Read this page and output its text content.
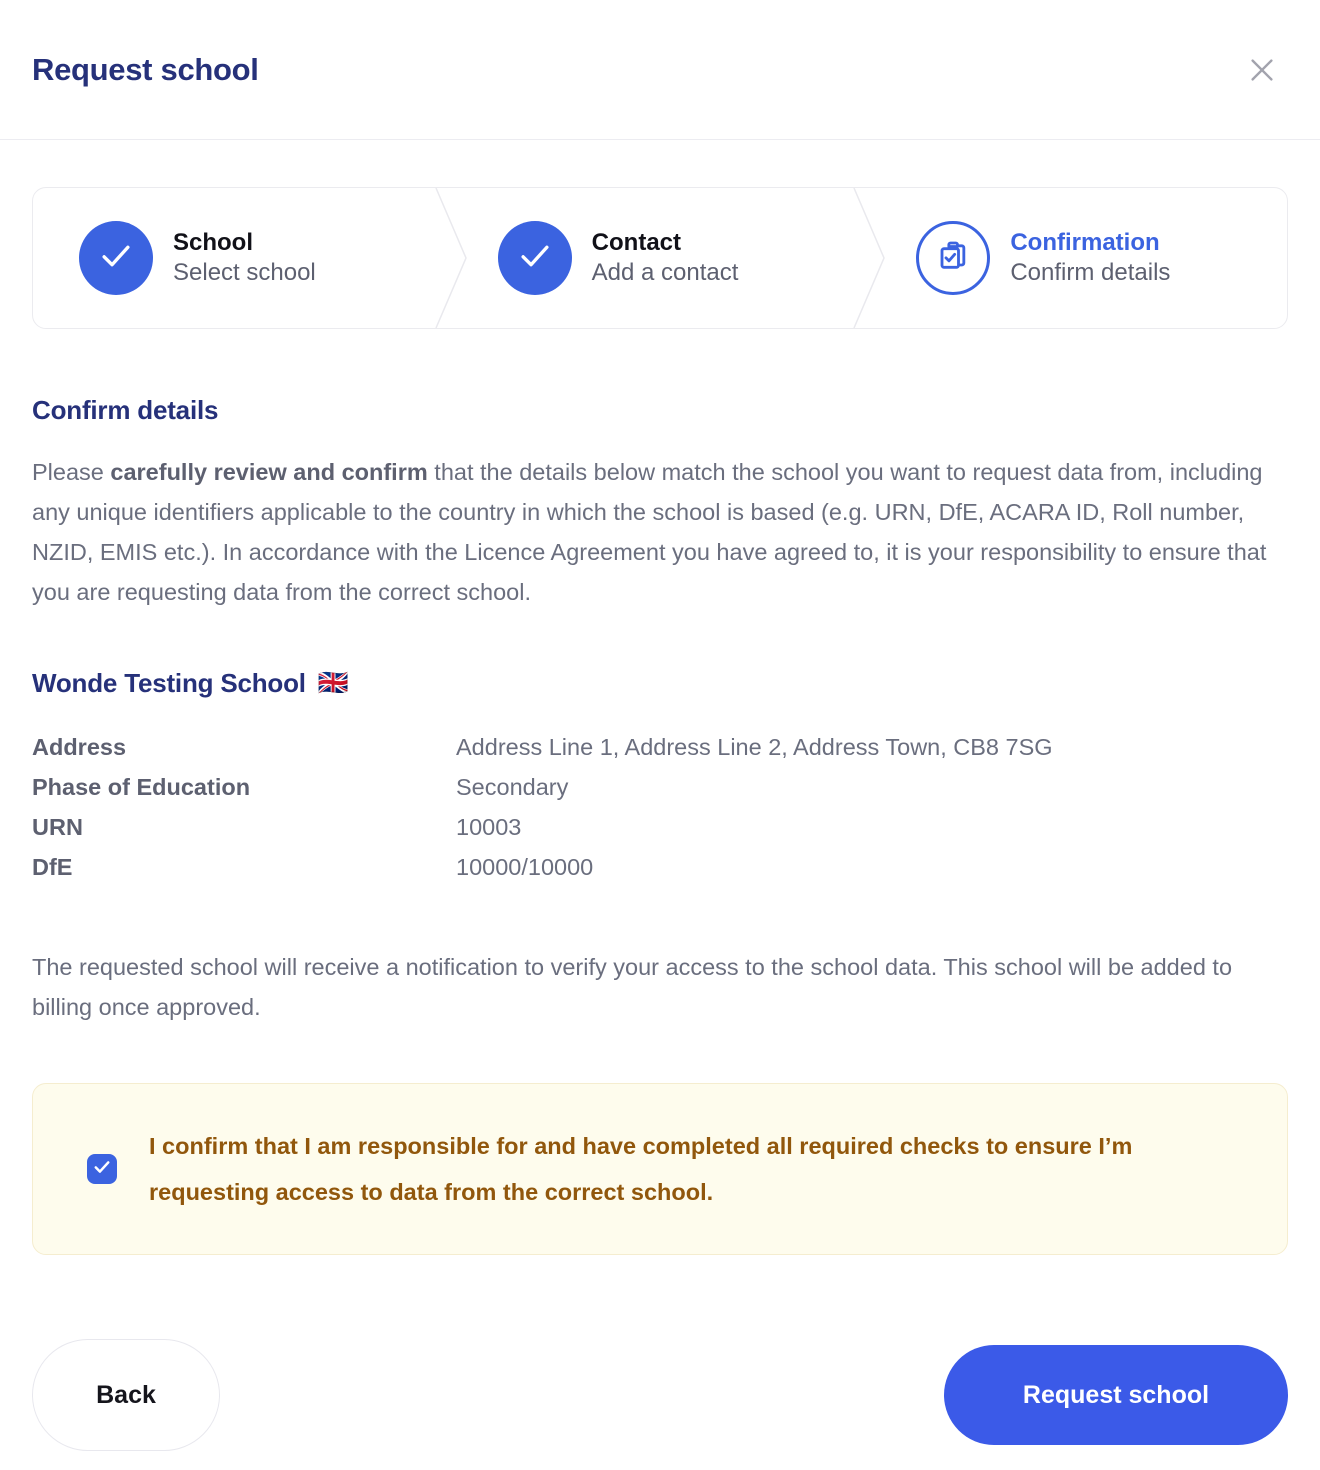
Request school
School
Select school
Contact
Add a contact
Confirmation
Confirm details
Confirm details

Please carefully review and confirm that the details below match the school you want to request data from, including any unique identifiers applicable to the country in which the school is based (e.g. URN, DfE, ACARA ID, Roll number, NZID, EMIS etc.). In accordance with the Licence Agreement you have agreed to, it is your responsibility to ensure that you are requesting data from the correct school.

Wonde Testing School 🇬🇧
Address	Address Line 1, Address Line 2, Address Town, CB8 7SG
Phase of Education	Secondary
URN	10003
DfE	10000/10000

The requested school will receive a notification to verify your access to the school data. This school will be added to billing once approved.

I confirm that I am responsible for and have completed all required checks to ensure I’m requesting access to data from the correct school.
Back	Request school
